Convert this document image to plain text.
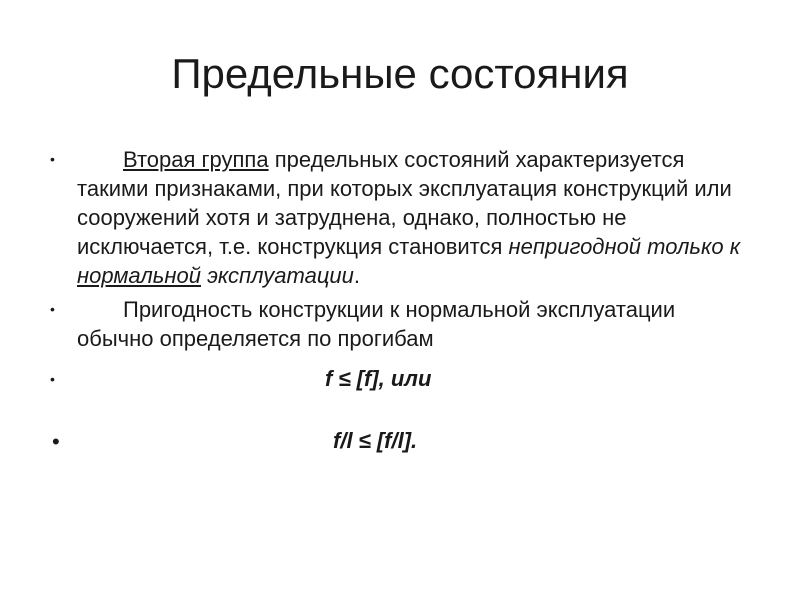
Предельные состояния
•	Вторая группа предельных состояний характеризуется такими признаками, при которых эксплуатация конструкций или сооружений хотя и затруднена, однако, полностью не исключается, т.е. конструкция становится непригодной только к нормальной эксплуатации.
•	Пригодность конструкции к нормальной эксплуатации обычно определяется по прогибам
•	f ≤ [f], или
•	f/l ≤ [f/l].
